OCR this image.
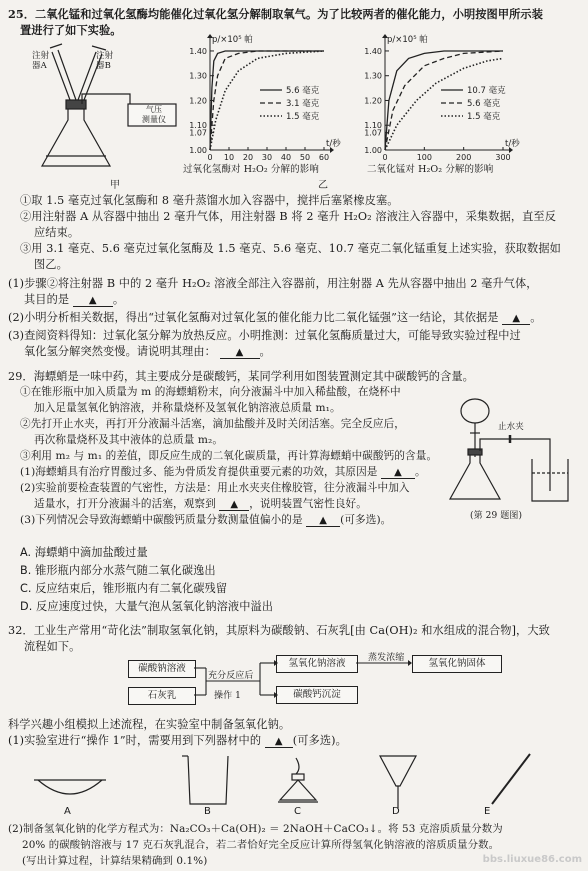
25．二氧化锰和过氧化氢酶均能催化过氧化氢分解制取氧气。为了比较两者的催化能力，小明按图甲所示装
置进行了如下实验。
注射
器A
注射
器B
气压
测量仪
甲
1.40
1.30
1.20
1.10
1.07
1.00
0 10 20 30 40 50 60
p/×10⁵ 帕
t/秒
5.6 毫克
3.1 毫克
1.5 毫克
过氧化氢酶对 H₂O₂ 分解的影响
乙
1.40
1.30
1.20
1.10
1.07
1.00
0	100	200	300
p/×10⁵ 帕
t/秒
10.7 毫克
5.6 毫克
1.5 毫克
二氧化锰对 H₂O₂ 分解的影响
①取 1.5 毫克过氧化氢酶和 8 毫升蒸馏水加入容器中，搅拌后塞紧橡皮塞。
②用注射器 A 从容器中抽出 2 毫升气体，用注射器 B 将 2 毫升 H₂O₂ 溶液注入容器中，采集数据，直至反
应结束。
③用 3.1 毫克、5.6 毫克过氧化氢酶及 1.5 毫克、5.6 毫克、10.7 毫克二氧化锰重复上述实验，获取数据如
图乙。
(1)步骤②将注射器 B 中的 2 毫升 H₂O₂ 溶液全部注入容器前，用注射器 A 先从容器中抽出 2 毫升气体，
其目的是 ▲ 。
(2)小明分析相关数据，得出“过氧化氢酶对过氧化氢的催化能力比二氧化锰强”这一结论，其依据是 ▲ 。
(3)查阅资料得知：过氧化氢分解为放热反应。小明推测：过氧化氢酶质量过大，可能导致实验过程中过
氧化氢分解突然变慢。请说明其理由： ▲ 。
29．海螵蛸是一味中药，其主要成分是碳酸钙，某同学利用如图装置测定其中碳酸钙的含量。
①在锥形瓶中加入质量为 m 的海螵蛸粉末，向分液漏斗中加入稀盐酸，在烧杯中
加入足量氢氧化钠溶液，并称量烧杯及氢氧化钠溶液总质量 m₁。
②先打开止水夹，再打开分液漏斗活塞，滴加盐酸并及时关闭活塞。完全反应后，
再次称量烧杯及其中液体的总质量 m₂。
③利用 m₂ 与 m₁ 的差值，即反应生成的二氧化碳质量，再计算海螵蛸中碳酸钙的含量。
(1)海螵蛸具有治疗胃酸过多、能为骨质发育提供重要元素的功效，其原因是 ▲ 。
(2)实验前要检查装置的气密性，方法是：用止水夹夹住橡胶管，往分液漏斗中加入
适量水，打开分液漏斗的活塞，观察到 ▲ ，说明装置气密性良好。
(3)下列情况会导致海螵蛸中碳酸钙质量分数测量值偏小的是 ▲ (可多选)。
止水夹
(第 29 题图)
A. 海螵蛸中滴加盐酸过量
B. 锥形瓶内部分水蒸气随二氧化碳逸出
C. 反应结束后，锥形瓶内有二氧化碳残留
D. 反应速度过快，大量气泡从氢氧化钠溶液中溢出
32．工业生产常用“苛化法”制取氢氧化钠，其原料为碳酸钠、石灰乳[由 Ca(OH)₂ 和水组成的混合物]，大致
流程如下。
碳酸钠溶液
石灰乳
氢氧化钠溶液
碳酸钙沉淀
氢氧化钠固体
充分反应后
操作 1
蒸发浓缩
科学兴趣小组模拟上述流程，在实验室中制备氢氧化钠。
(1)实验室进行“操作 1”时，需要用到下列器材中的 ▲ (可多选)。
A	B	C	D	E
(2)制备氢氧化钠的化学方程式为：Na₂CO₃＋Ca(OH)₂ ＝ 2NaOH＋CaCO₃↓。将 53 克溶质质量分数为
20% 的碳酸钠溶液与 17 克石灰乳混合，若二者恰好完全反应计算所得氢氧化钠溶液的溶质质量分数。
(写出计算过程，计算结果精确到 0.1%)	bbs.liuxue86.com
